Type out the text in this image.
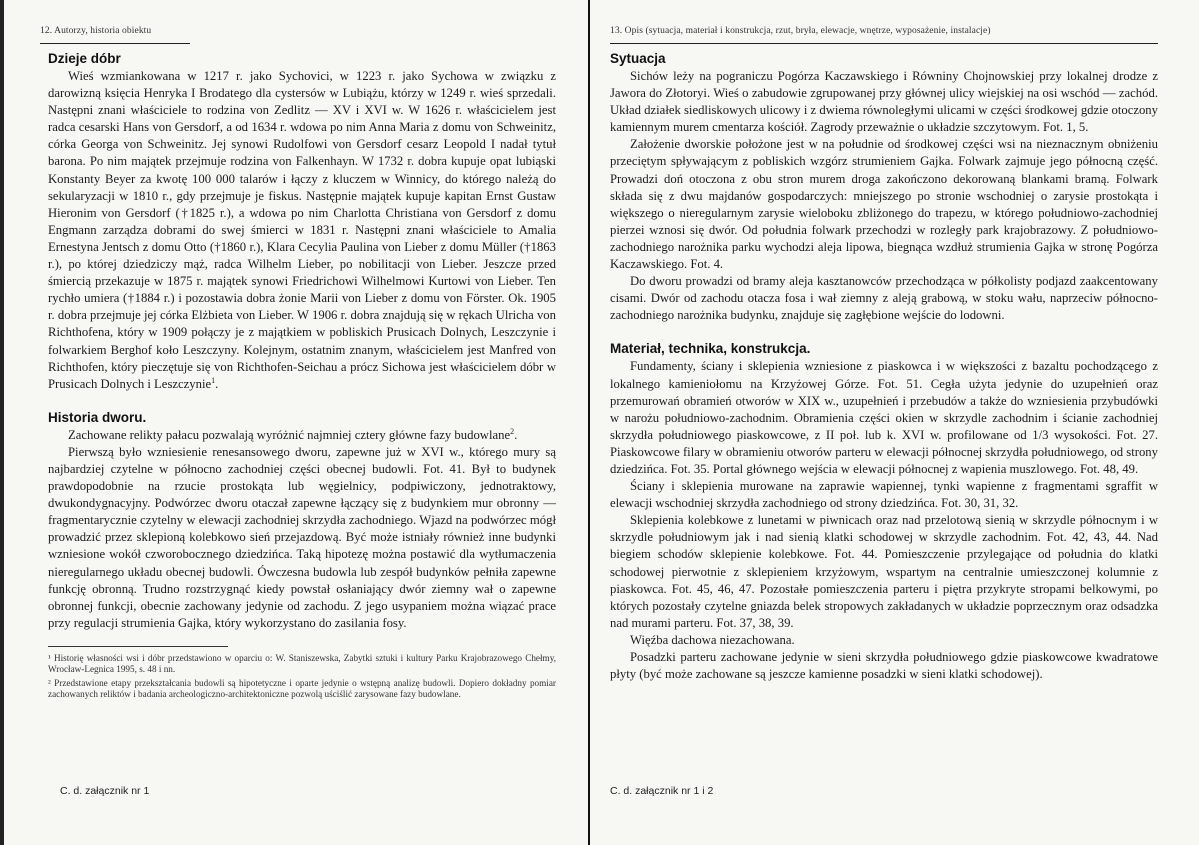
12. Autorzy, historia obiektu
Dzieje dóbr

Wieś wzmiankowana w 1217 r. jako Sychovici, w 1223 r. jako Sychowa w związku z darowizną księcia Henryka I Brodatego dla cystersów w Lubiążu, którzy w 1249 r. wieś sprzedali. Następni znani właściciele to rodzina von Zedlitz — XV i XVI w. W 1626 r. właścicielem jest radca cesarski Hans von Gersdorf, a od 1634 r. wdowa po nim Anna Maria z domu von Schweinitz, córka Georga von Schweinitz. Jej synowi Rudolfowi von Gersdorf cesarz Leopold I nadał tytuł barona. Po nim majątek przejmuje rodzina von Falkenhayn. W 1732 r. dobra kupuje opat lubiąski Konstanty Beyer za kwotę 100 000 talarów i łączy z kluczem w Winnicy, do którego należą do sekularyzacji w 1810 r., gdy przejmuje je fiskus. Następnie majątek kupuje kapitan Ernst Gustaw Hieronim von Gersdorf (†1825 r.), a wdowa po nim Charlotta Christiana von Gersdorf z domu Engmann zarządza dobrami do swej śmierci w 1831 r. Następni znani właściciele to Amalia Ernestyna Jentsch z domu Otto (†1860 r.), Klara Cecylia Paulina von Lieber z domu Müller (†1863 r.), po której dziedziczy mąż, radca Wilhelm Lieber, po nobilitacji von Lieber. Jeszcze przed śmiercią przekazuje w 1875 r. majątek synowi Friedrichowi Wilhelmowi Kurtowi von Lieber. Ten rychło umiera (†1884 r.) i pozostawia dobra żonie Marii von Lieber z domu von Förster. Ok. 1905 r. dobra przejmuje jej córka Elżbieta von Lieber. W 1906 r. dobra znajdują się w rękach Ulricha von Richthofena, który w 1909 połączy je z majątkiem w pobliskich Prusicach Dolnych, Leszczynie i folwarkiem Berghof koło Leszczyny. Kolejnym, ostatnim znanym, właścicielem jest Manfred von Richthofen, który pieczętuje się von Richthofen-Seichau a prócz Sichowa jest właścicielem dóbr w Prusicach Dolnych i Leszczynie$^1$.

Historia dworu.

Zachowane relikty pałacu pozwalają wyróżnić najmniej cztery główne fazy budowlane$^2$.

Pierwszą było wzniesienie renesansowego dworu, zapewne już w XVI w., którego mury są najbardziej czytelne w północno zachodniej części obecnej budowli. Fot. 41. Był to budynek prawdopodobnie na rzucie prostokąta lub węgielnicy, podpiwiczony, jednotraktowy, dwukondygnacyjny. Podwórzec dworu otaczał zapewne łączący się z budynkiem mur obronny — fragmentarycznie czytelny w elewacji zachodniej skrzydła zachodniego. Wjazd na podwórzec mógł prowadzić przez sklepioną kolebkowo sień przejazdową. Być może istniały również inne budynki wzniesione wokół czworobocznego dziedzińca. Taką hipotezę można postawić dla wytłumaczenia nieregularnego układu obecnej budowli. Ówczesna budowla lub zespół budynków pełniła zapewne funkcję obronną. Trudno rozstrzygnąć kiedy powstał osłaniający dwór ziemny wał o zapewne obronnej funkcji, obecnie zachowany jedynie od zachodu. Z jego usypaniem można wiązać prace przy regulacji strumienia Gajka, który wykorzystano do zasilania fosy.

¹ Historię własności wsi i dóbr przedstawiono w oparciu o: W. Staniszewska, Zabytki sztuki i kultury Parku Krajobrazowego Chełmy, Wrocław-Legnica 1995, s. 48 i nn.

² Przedstawione etapy przekształcania budowli są hipotetyczne i oparte jedynie o wstępną analizę budowli. Dopiero dokładny pomiar zachowanych reliktów i badania archeologiczno-architektoniczne pozwolą uściślić zarysowane fazy budowlane.

C. d. załącznik nr 1
13. Opis (sytuacja, materiał i konstrukcja, rzut, bryła, elewacje, wnętrze, wyposażenie, instalacje)
Sytuacja

Sichów leży na pograniczu Pogórza Kaczawskiego i Równiny Chojnowskiej przy lokalnej drodze z Jawora do Złotoryi. Wieś o zabudowie zgrupowanej przy głównej ulicy wiejskiej na osi wschód — zachód. Układ działek siedliskowych ulicowy i z dwiema równoległymi ulicami w części środkowej gdzie otoczony kamiennym murem cmentarza kościół. Zagrody przeważnie o układzie szczytowym. Fot. 1, 5.

Założenie dworskie położone jest w na południe od środkowej części wsi na nieznacznym obniżeniu przeciętym spływającym z pobliskich wzgórz strumieniem Gajka. Folwark zajmuje jego północną część. Prowadzi doń otoczona z obu stron murem droga zakończono dekorowaną blankami bramą. Folwark składa się z dwu majdanów gospodarczych: mniejszego po stronie wschodniej o zarysie prostokąta i większego o nieregularnym zarysie wieloboku zbliżonego do trapezu, w którego południowo-zachodniej pierzei wznosi się dwór. Od południa folwark przechodzi w rozległy park krajobrazowy. Z południowo-zachodniego narożnika parku wychodzi aleja lipowa, biegnąca wzdłuż strumienia Gajka w stronę Pogórza Kaczawskiego. Fot. 4.

Do dworu prowadzi od bramy aleja kasztanowców przechodząca w półkolisty podjazd zaakcentowany cisami. Dwór od zachodu otacza fosa i wał ziemny z aleją grabową, w stoku wału, naprzeciw północno-zachodniego narożnika budynku, znajduje się zagłębione wejście do lodowni.

Materiał, technika, konstrukcja.

Fundamenty, ściany i sklepienia wzniesione z piaskowca i w większości z bazaltu pochodzącego z lokalnego kamieniołomu na Krzyżowej Górze. Fot. 51. Cegła użyta jedynie do uzupełnień oraz przemurowań obramień otworów w XIX w., uzupełnień i przebudów a także do wzniesienia przybudówki w narożu południowo-zachodnim. Obramienia części okien w skrzydle zachodnim i ścianie zachodniej skrzydła południowego piaskowcowe, z II poł. lub k. XVI w. profilowane od 1/3 wysokości. Fot. 27. Piaskowcowe filary w obramieniu otworów parteru w elewacji północnej skrzydła południowego, od strony dziedzińca. Fot. 35. Portal głównego wejścia w elewacji północnej z wapienia muszlowego. Fot. 48, 49.

Ściany i sklepienia murowane na zaprawie wapiennej, tynki wapienne z fragmentami sgraffit w elewacji wschodniej skrzydła zachodniego od strony dziedzińca. Fot. 30, 31, 32.

Sklepienia kolebkowe z lunetami w piwnicach oraz nad przelotową sienią w skrzydle północnym i w skrzydle południowym jak i nad sienią klatki schodowej w skrzydle zachodnim. Fot. 42, 43, 44. Nad biegiem schodów sklepienie kolebkowe. Fot. 44. Pomieszczenie przylegające od południa do klatki schodowej pierwotnie z sklepieniem krzyżowym, wspartym na centralnie umieszczonej kolumnie z piaskowca. Fot. 45, 46, 47. Pozostałe pomieszczenia parteru i piętra przykryte stropami belkowymi, po których pozostały czytelne gniazda belek stropowych zakładanych w układzie poprzecznym oraz odsadzka nad murami parteru. Fot. 37, 38, 39.

Więźba dachowa niezachowana.

Posadzki parteru zachowane jedynie w sieni skrzydła południowego gdzie piaskowcowe kwadratowe płyty (być może zachowane są jeszcze kamienne posadzki w sieni klatki schodowej).

C. d. załącznik nr 1 i 2
